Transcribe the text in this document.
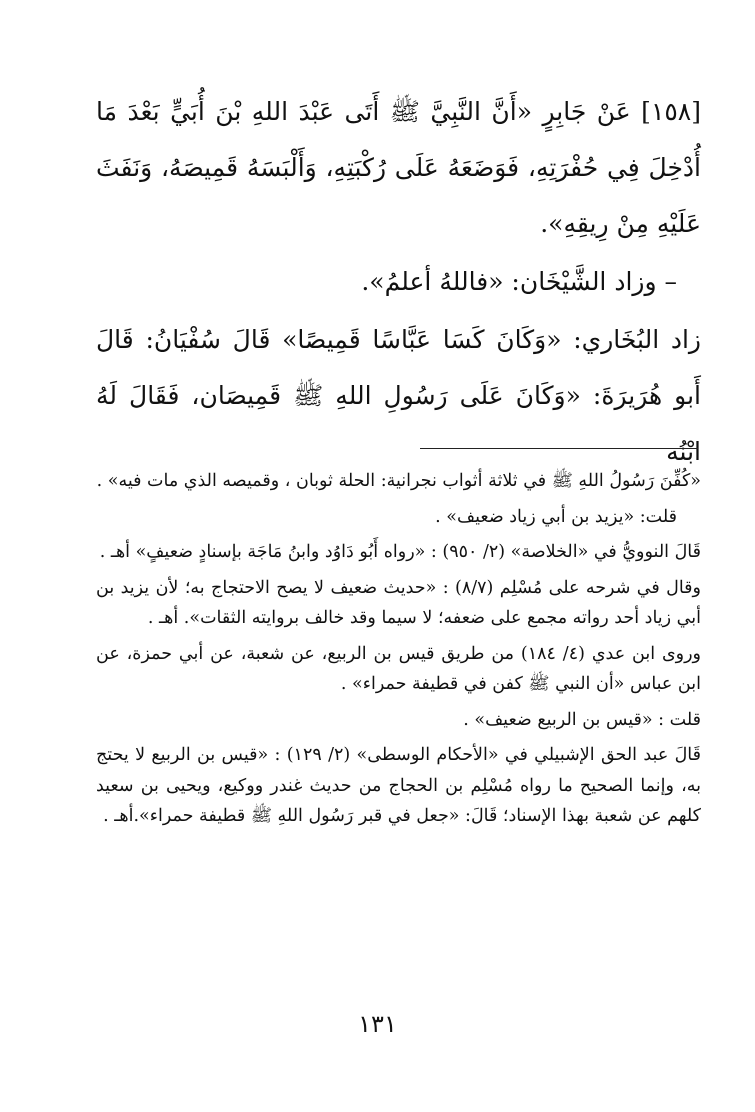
[١٥٨] عَنْ جَابِرٍ «أَنَّ النَّبِيَّ ﷺ أَتَى عَبْدَ اللهِ بْنَ أُبَيٍّ بَعْدَ مَا أُدْخِلَ فِي حُفْرَتِهِ، فَوَضَعَهُ عَلَى رُكْبَتِهِ، وَأَلْبَسَهُ قَمِيصَهُ، وَنَفَثَ عَلَيْهِ مِنْ رِيقِهِ».

– وزاد الشَّيْخَان: «فاللهُ أعلمُ».

زاد البُخَاري: «وَكَانَ كَسَا عَبَّاسًا قَمِيصًا» قَالَ سُفْيَانُ: قَالَ أَبو هُرَيرَةَ: «وَكَانَ عَلَى رَسُولِ اللهِ ﷺ قَمِيصَان، فَقَالَ لَهُ ابْنُه

«كُفِّنَ رَسُولُ اللهِ ﷺ في ثلاثة أثواب نجرانية: الحلة ثوبان ، وقميصه الذي مات فيه» .

قلت: «يزيد بن أبي زياد ضعيف» .

قَالَ النوويُّ في «الخلاصة» (٢/ ٩٥٠) : «رواه أَبُو دَاوُد وابنُ مَاجَة بإسنادٍ ضعيفٍ» أهـ .

وقال في شرحه على مُسْلِم (٨/٧) : «حديث ضعيف لا يصح الاحتجاج به؛ لأن يزيد بن أبي زياد أحد رواته مجمع على ضعفه؛ لا سيما وقد خالف بروايته الثقات». أهـ .

وروى ابن عدي (٤/ ١٨٤) من طريق قيس بن الربيع، عن شعبة، عن أبي حمزة، عن ابن عباس «أن النبي ﷺ كفن في قطيفة حمراء» .

قلت : «قيس بن الربيع ضعيف» .

قَالَ عبد الحق الإشبيلي في «الأحكام الوسطى» (٢/ ١٢٩) : «قيس بن الربيع لا يحتج به، وإنما الصحيح ما رواه مُسْلِم بن الحجاج من حديث غندر ووكيع، ويحيى بن سعيد كلهم عن شعبة بهذا الإسناد؛ قَالَ: «جعل في قبر رَسُول اللهِ ﷺ قطيفة حمراء».أهـ .

١٣١
